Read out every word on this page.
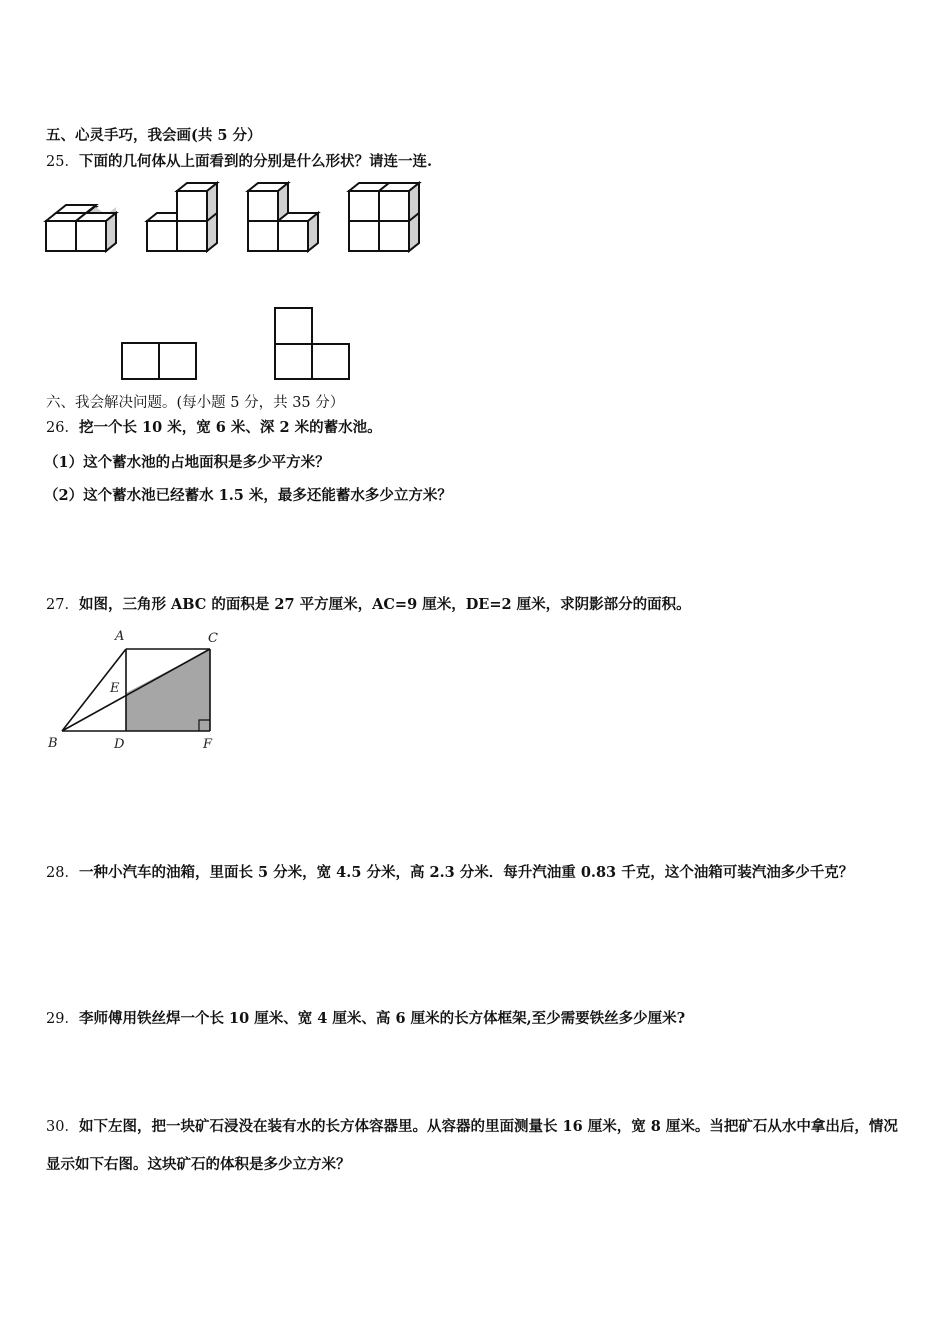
五、心灵手巧，我会画(共 5 分）
25．下面的几何体从上面看到的分别是什么形状？请连一连.
六、我会解决问题。(每小题 5 分，共 35 分）
26．挖一个长 10 米，宽 6 米、深 2 米的蓄水池。
（1）这个蓄水池的占地面积是多少平方米？
（2）这个蓄水池已经蓄水 1.5 米，最多还能蓄水多少立方米？
27．如图，三角形 ABC 的面积是 27 平方厘米，AC=9 厘米，DE=2 厘米，求阴影部分的面积。
A	C
E
B	D	F
28．一种小汽车的油箱，里面长 5 分米，宽 4.5 分米，高 2.3 分米．每升汽油重 0.83 千克，这个油箱可装汽油多少千克？
29．李师傅用铁丝焊一个长 10 厘米、宽 4 厘米、高 6 厘米的长方体框架,至少需要铁丝多少厘米?
30．如下左图，把一块矿石浸没在装有水的长方体容器里。从容器的里面测量长 16 厘米，宽 8 厘米。当把矿石从水中拿出后，情况显示如下右图。这块矿石的体积是多少立方米？
